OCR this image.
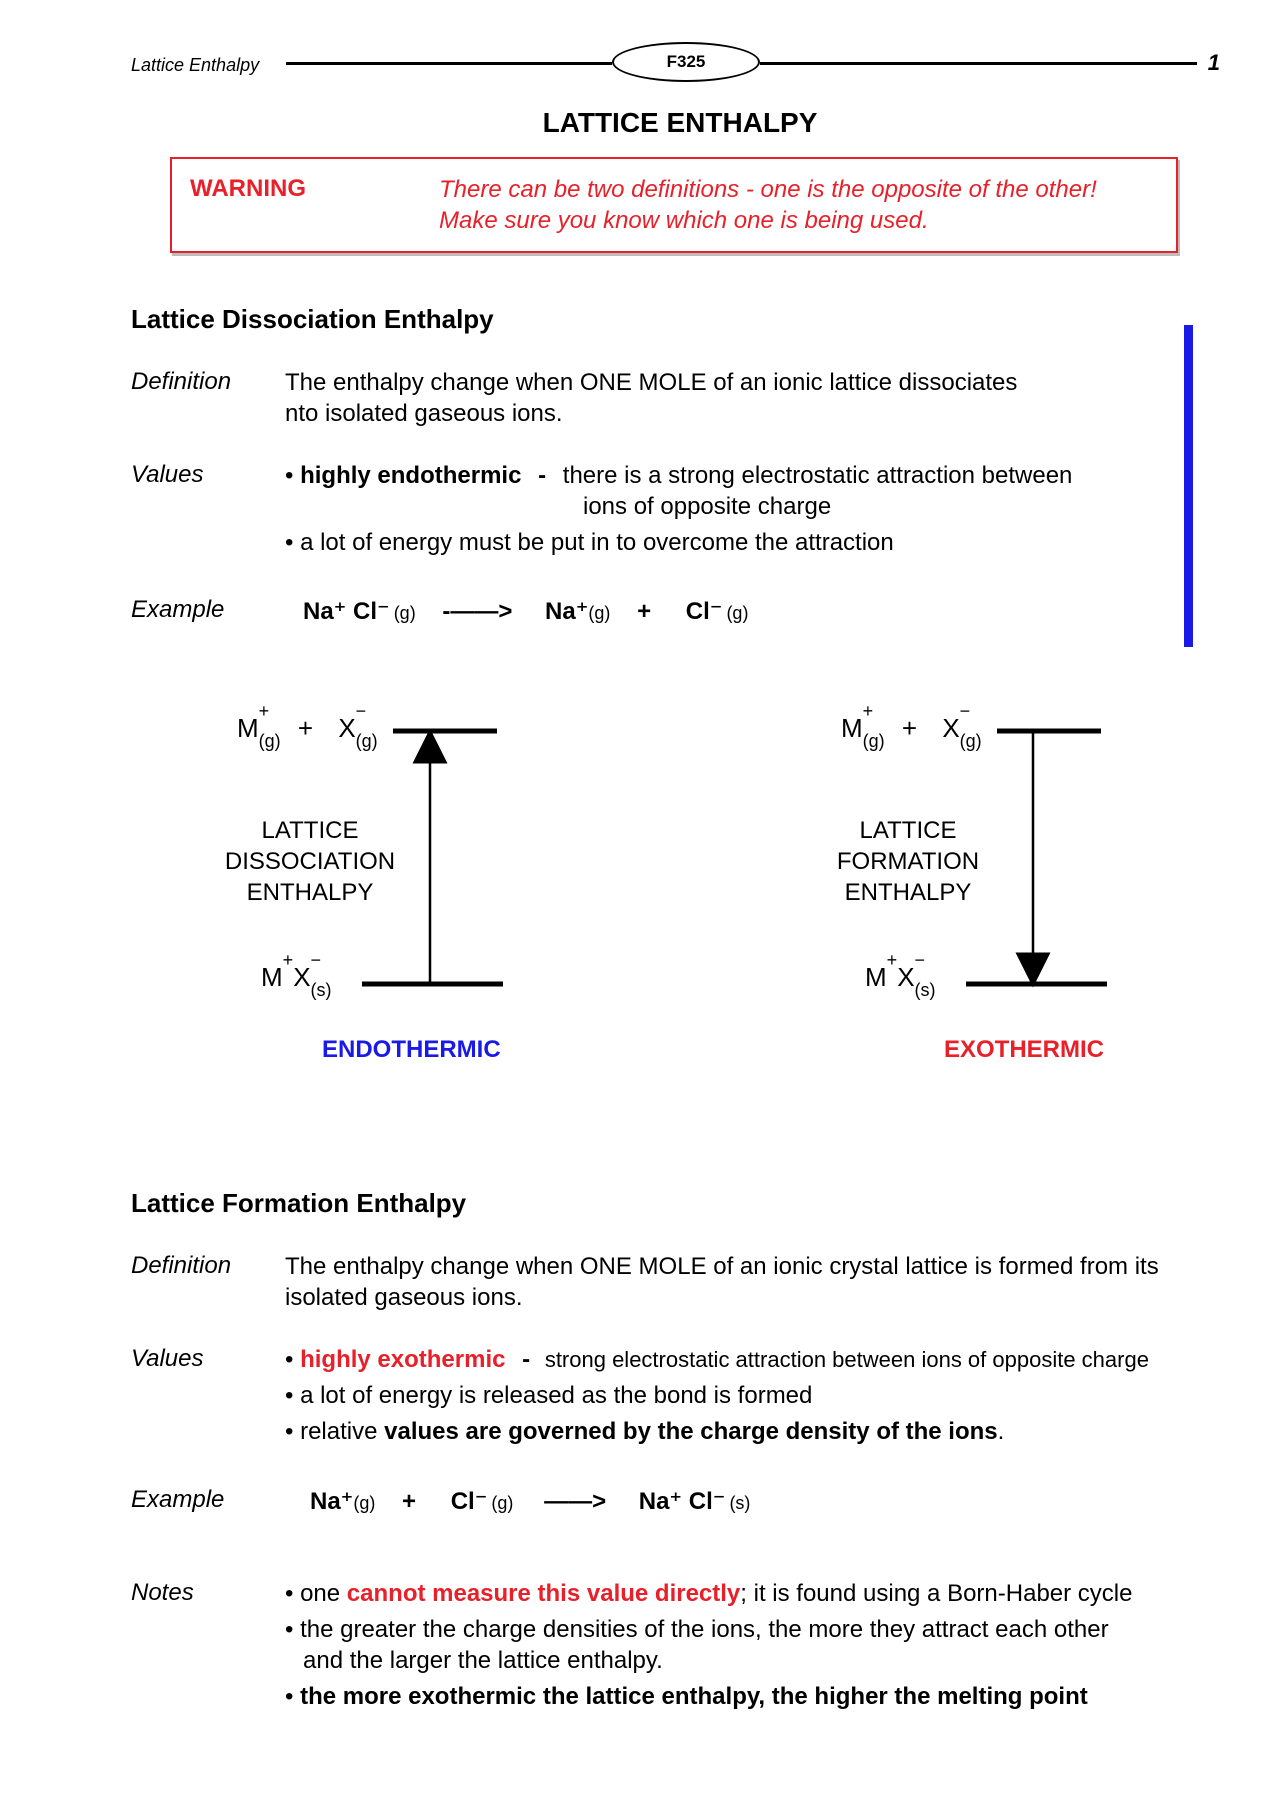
Lattice Enthalpy	F325	1
LATTICE ENTHALPY
WARNING	There can be two definitions - one is the opposite of the other!
Make sure you know which one is being used.
Lattice Dissociation Enthalpy
Definition The enthalpy change when ONE MOLE of an ionic lattice dissociates
nto isolated gaseous ions.
Values •	highly endothermic - there is a strong electrostatic attraction between
ions of opposite charge
• a lot of energy must be put in to overcome the attraction
Example	Na⁺ Cl⁻ (g) -——> Na⁺(g) + Cl⁻ (g)
M
+
$_{(g)}$ + X
−
$_{(g)}$
LATTICE
DISSOCIATION
ENTHALPY
M+X
−
$_{(s)}$
ENDOTHERMIC
M
+
$_{(g)}$ + X
−
$_{(g)}$
LATTICE
FORMATION
ENTHALPY
M+X
−
$_{(s)}$
EXOTHERMIC
Lattice Formation Enthalpy
Definition The enthalpy change when ONE MOLE of an ionic crystal lattice is formed from its
isolated gaseous ions.
Values •	highly exothermic - strong electrostatic attraction between ions of opposite charge
• a lot of energy is released as the bond is formed
• relative values are governed by the charge density of the ions.
Example	Na⁺(g) + Cl⁻ (g) ——> Na⁺ Cl⁻ (s)
Notes •	one cannot measure this value directly; it is found using a Born-Haber cycle
• the greater the charge densities of the ions, the more they attract each other
and the larger the lattice enthalpy.
• the more exothermic the lattice enthalpy, the higher the melting point
